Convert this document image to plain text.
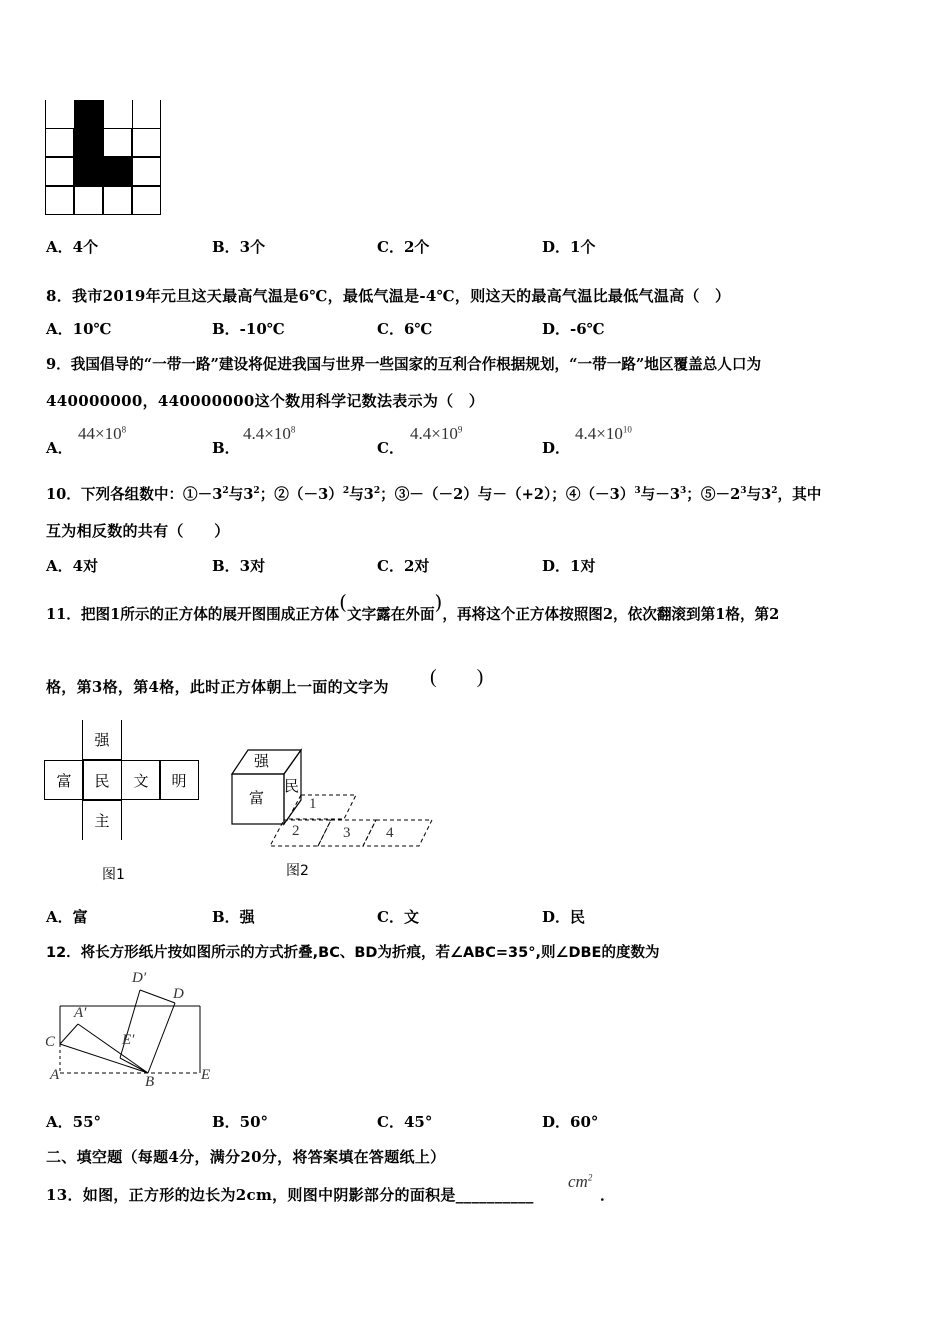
A．4个	B．3个	C．2个	D．1个
8．我市2019年元旦这天最高气温是6℃，最低气温是-4℃，则这天的最高气温比最低气温高（　）
A．10℃	B．-10℃	C．6℃	D．-6℃
9．我国倡导的“一带一路”建设将促进我国与世界一些国家的互利合作根据规划，“一带一路”地区覆盖总人口为
440000000，440000000这个数用科学记数法表示为（　）
A．
$44\times 10^8$
B．
$4.4\times 10^8$
C．
$4.4\times 10^9$
D．
$4.4\times 10^{10}$
10．下列各组数中：$①-3^2$与$3^2$；$②(-3)^2$与$3^2$；③－（－2）与－（+2）；$④(-3)^3$与$-3^3$；$⑤-2^3$与$3^2$，其中
互为相反数的共有（　　）
A．4对	B．3对	C．2对	D．1对
11．把图1所示的正方体的展开图围成正方体(文字露在外面)，再将这个正方体按照图2，依次翻滚到第1格，第2
格，第3格，第4格，此时正方体朝上一面的文字为 (　　)
强
富	民	文	明
主
图1
强
富
民
1
2	3 4
图2
A．富	B．强	C．文	D．民
12．将长方形纸片按如图所示的方式折叠,BC、BD为折痕，若∠ABC=35°,则∠DBE的度数为
D′
D
A′
C	E′
A	B	E
A．55°	B．50°	C．45°	D．60°
二、填空题（每题4分，满分20分，将答案填在答题纸上）
13．如图，正方形的边长为2cm，则图中阴影部分的面积是__________
$cm^2$
．
